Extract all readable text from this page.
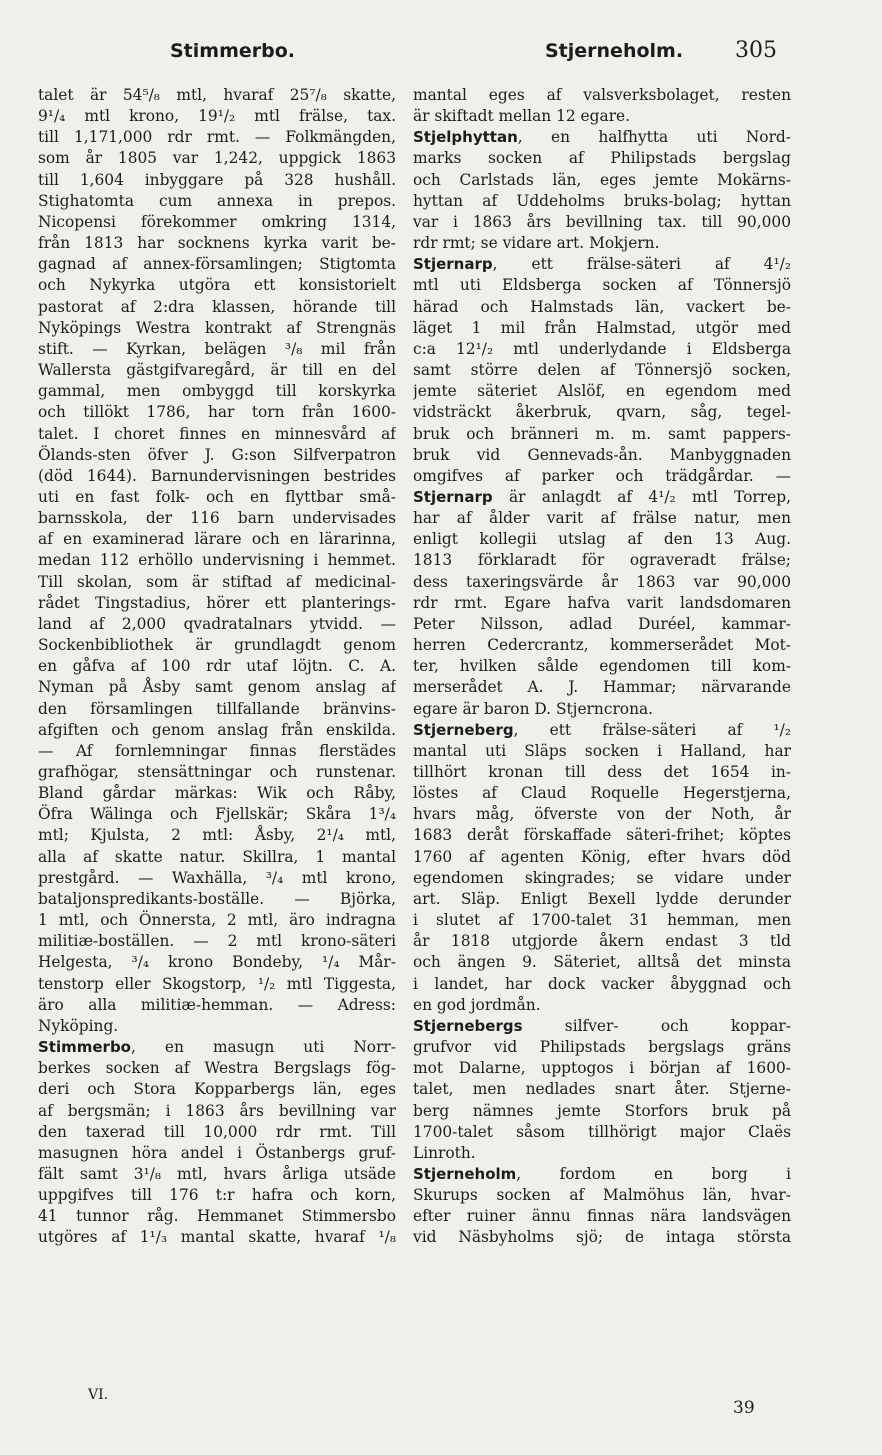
Stimmerbo.	Stjerneholm. 305
talet är 54⁵/₈ mtl, hvaraf 25⁷/₈ skatte,
9¹/₄ mtl krono, 19¹/₂ mtl frälse, tax.
till 1,171,000 rdr rmt. — Folkmängden,
som år 1805 var 1,242, uppgick 1863
till 1,604 inbyggare på 328 hushåll.
Stighatomta cum annexa in prepos.
Nicopensi förekommer omkring 1314,
från 1813 har socknens kyrka varit be-
gagnad af annex-församlingen; Stigtomta
och Nykyrka utgöra ett konsistorielt
pastorat af 2:dra klassen, hörande till
Nyköpings Westra kontrakt af Strengnäs
stift. — Kyrkan, belägen ³/₈ mil från
Wallersta gästgifvaregård, är till en del
gammal, men ombyggd till korskyrka
och tillökt 1786, har torn från 1600-
talet. I choret finnes en minnesvård af
Ölands-sten öfver J. G:son Silfverpatron
(död 1644). Barnundervisningen bestrides
uti en fast folk- och en flyttbar små-
barnsskola, der 116 barn undervisades
af en examinerad lärare och en lärarinna,
medan 112 erhöllo undervisning i hemmet.
Till skolan, som är stiftad af medicinal-
rådet Tingstadius, hörer ett planterings-
land af 2,000 qvadratalnars ytvidd. —
Sockenbibliothek är grundlagdt genom
en gåfva af 100 rdr utaf löjtn. C. A.
Nyman på Åsby samt genom anslag af
den församlingen tillfallande bränvins-
afgiften och genom anslag från enskilda.
— Af fornlemningar finnas flerstädes
grafhögar, stensättningar och runstenar.
Bland gårdar märkas: Wik och Råby,
Öfra Wälinga och Fjellskär; Skåra 1³/₄
mtl; Kjulsta, 2 mtl: Åsby, 2¹/₄ mtl,
alla af skatte natur. Skillra, 1 mantal
prestgård. — Waxhälla, ³/₄ mtl krono,
bataljonspredikants-boställe. — Björka,
1 mtl, och Önnersta, 2 mtl, äro indragna
militiæ-boställen. — 2 mtl krono-säteri
Helgesta, ³/₄ krono Bondeby, ¹/₄ Mår-
tenstorp eller Skogstorp, ¹/₂ mtl Tiggesta,
äro alla militiæ-hemman. — Adress:
Nyköping.
Stimmerbo, en masugn uti Norr-
berkes socken af Westra Bergslags fög-
deri och Stora Kopparbergs län, eges
af bergsmän; i 1863 års bevillning var
den taxerad till 10,000 rdr rmt. Till
masugnen höra andel i Östanbergs gruf-
fält samt 3¹/₈ mtl, hvars årliga utsäde
uppgifves till 176 t:r hafra och korn,
41 tunnor råg. Hemmanet Stimmersbo
utgöres af 1¹/₃ mantal skatte, hvaraf ¹/₈
mantal eges af valsverksbolaget, resten
är skiftadt mellan 12 egare.
Stjelphyttan, en halfhytta uti Nord-
marks socken af Philipstads bergslag
och Carlstads län, eges jemte Mokärns-
hyttan af Uddeholms bruks-bolag; hyttan
var i 1863 års bevillning tax. till 90,000
rdr rmt; se vidare art. Mokjern.
Stjernarp, ett frälse-säteri af 4¹/₂
mtl uti Eldsberga socken af Tönnersjö
härad och Halmstads län, vackert be-
läget 1 mil från Halmstad, utgör med
c:a 12¹/₂ mtl underlydande i Eldsberga
samt större delen af Tönnersjö socken,
jemte säteriet Alslöf, en egendom med
vidsträckt åkerbruk, qvarn, såg, tegel-
bruk och bränneri m. m. samt pappers-
bruk vid Gennevads-ån. Manbyggnaden
omgifves af parker och trädgårdar. —
Stjernarp är anlagdt af 4¹/₂ mtl Torrep,
har af ålder varit af frälse natur, men
enligt kollegii utslag af den 13 Aug.
1813 förklaradt för ograveradt frälse;
dess taxeringsvärde år 1863 var 90,000
rdr rmt. Egare hafva varit landsdomaren
Peter Nilsson, adlad Duréel, kammar-
herren Cedercrantz, kommerserådet Mot-
ter, hvilken sålde egendomen till kom-
merserådet A. J. Hammar; närvarande
egare är baron D. Stjerncrona.
Stjerneberg, ett frälse-säteri af ¹/₂
mantal uti Släps socken i Halland, har
tillhört kronan till dess det 1654 in-
löstes af Claud Roquelle Hegerstjerna,
hvars måg, öfverste von der Noth, år
1683 deråt förskaffade säteri-frihet; köptes
1760 af agenten König, efter hvars död
egendomen skingrades; se vidare under
art. Släp. Enligt Bexell lydde derunder
i slutet af 1700-talet 31 hemman, men
år 1818 utgjorde åkern endast 3 tld
och ängen 9. Säteriet, alltså det minsta
i landet, har dock vacker åbyggnad och
en god jordmån.
Stjernebergs silfver- och koppar-
grufvor vid Philipstads bergslags gräns
mot Dalarne, upptogos i början af 1600-
talet, men nedlades snart åter. Stjerne-
berg nämnes jemte Storfors bruk på
1700-talet såsom tillhörigt major Claës
Linroth.
Stjerneholm, fordom en borg i
Skurups socken af Malmöhus län, hvar-
efter ruiner ännu finnas nära landsvägen
vid Näsbyholms sjö; de intaga största
VI.
39
